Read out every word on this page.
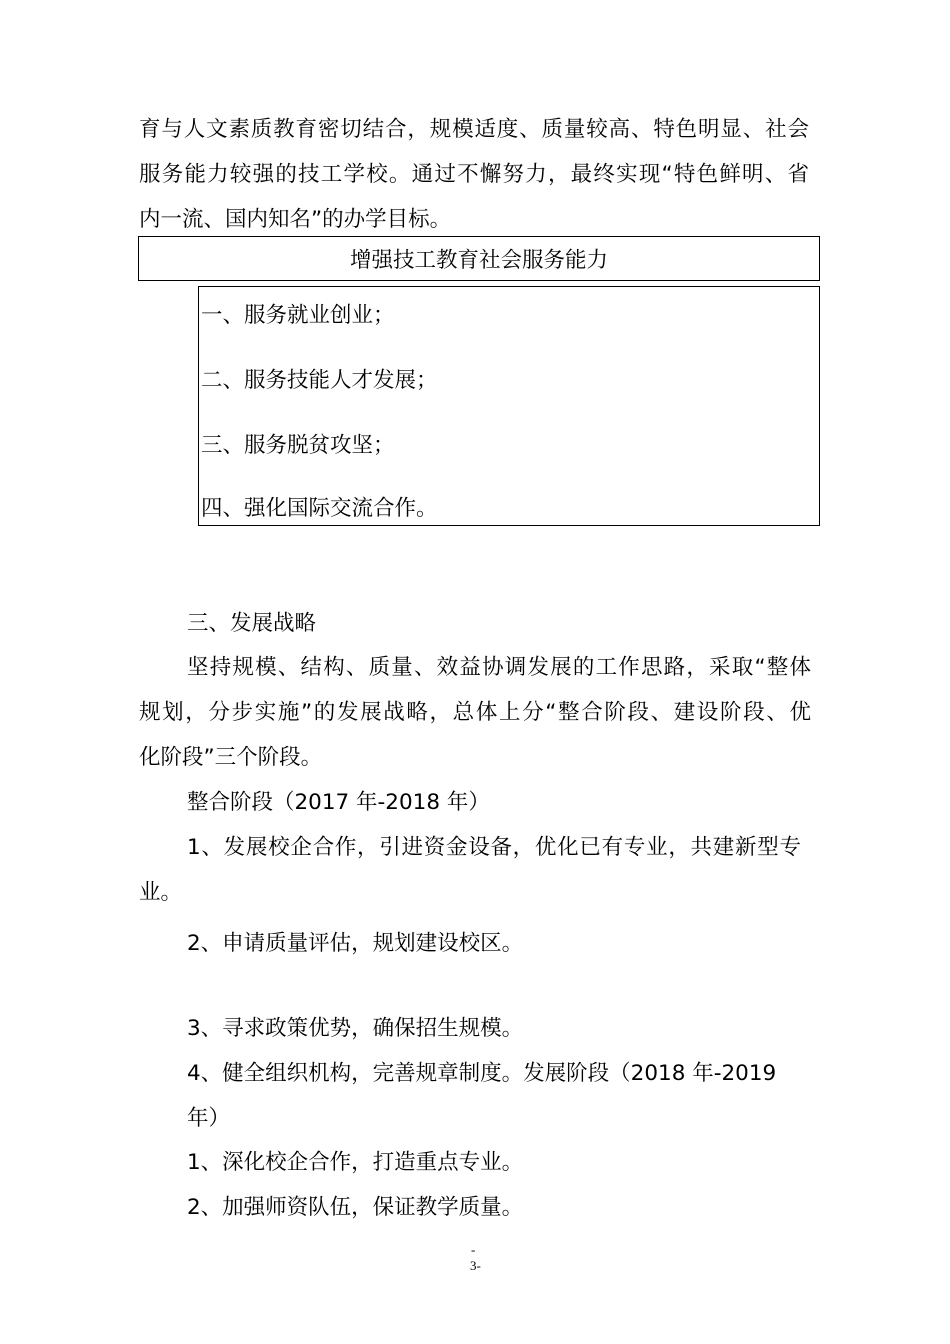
育与人文素质教育密切结合，规模适度、质量较高、特色明显、社会
服务能力较强的技工学校。通过不懈努力，最终实现“特色鲜明、省
内一流、国内知名”的办学目标。
增强技工教育社会服务能力
一、服务就业创业；
二、服务技能人才发展；
三、服务脱贫攻坚；
四、强化国际交流合作。
三、发展战略
坚持规模、结构、质量、效益协调发展的工作思路，采取“整体
规划，分步实施”的发展战略，总体上分“整合阶段、建设阶段、优
化阶段”三个阶段。
整合阶段（2017 年-2018 年）
1、发展校企合作，引进资金设备，优化已有专业，共建新型专
业。
2、申请质量评估，规划建设校区。
3、寻求政策优势，确保招生规模。
4、健全组织机构，完善规章制度。发展阶段（2018 年-2019
年）
1、深化校企合作，打造重点专业。
2、加强师资队伍，保证教学质量。
-
3-
